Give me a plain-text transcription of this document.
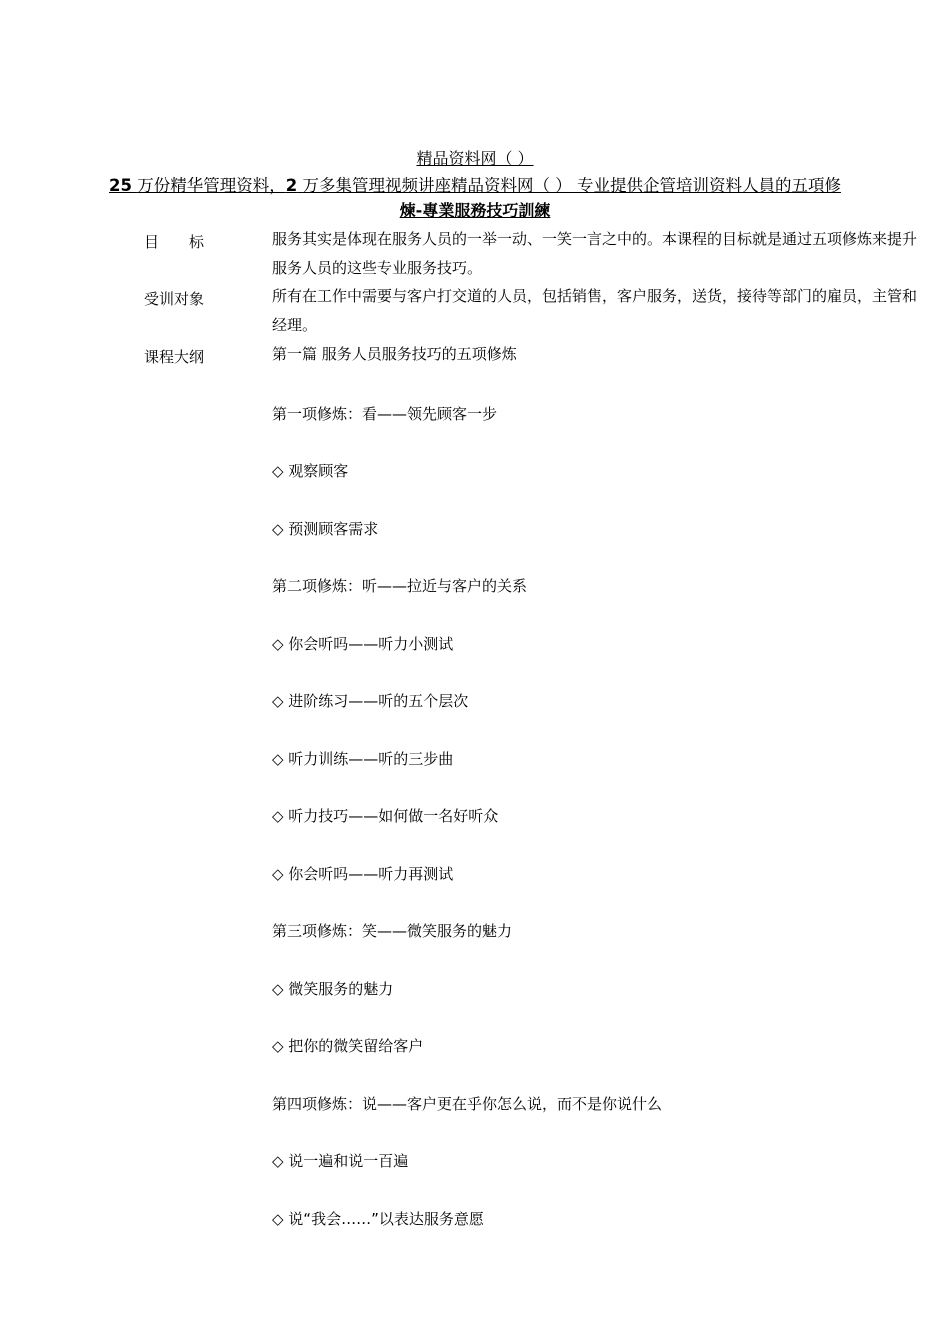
精品资料网（ ）
25 万份精华管理资料，2 万多集管理视频讲座精品资料网（ ） 专业提供企管培训资料人員的五項修
煉-專業服務技巧訓練
目　　标	服务其实是体现在服务人员的一举一动、一笑一言之中的。本课程的目标就是通过五项修炼来提升
服务人员的这些专业服务技巧。
受训对象	所有在工作中需要与客户打交道的人员，包括销售，客户服务，送货，接待等部门的雇员，主管和
经理。
课程大纲	第一篇 服务人员服务技巧的五项修炼
第一项修炼：看——领先顾客一步
◇ 观察顾客
◇ 预测顾客需求
第二项修炼：听——拉近与客户的关系
◇ 你会听吗——听力小测试
◇ 进阶练习——听的五个层次
◇ 听力训练——听的三步曲
◇ 听力技巧——如何做一名好听众
◇ 你会听吗——听力再测试
第三项修炼：笑——微笑服务的魅力
◇ 微笑服务的魅力
◇ 把你的微笑留给客户
第四项修炼：说——客户更在乎你怎么说，而不是你说什么
◇ 说一遍和说一百遍
◇ 说“我会……”以表达服务意愿
